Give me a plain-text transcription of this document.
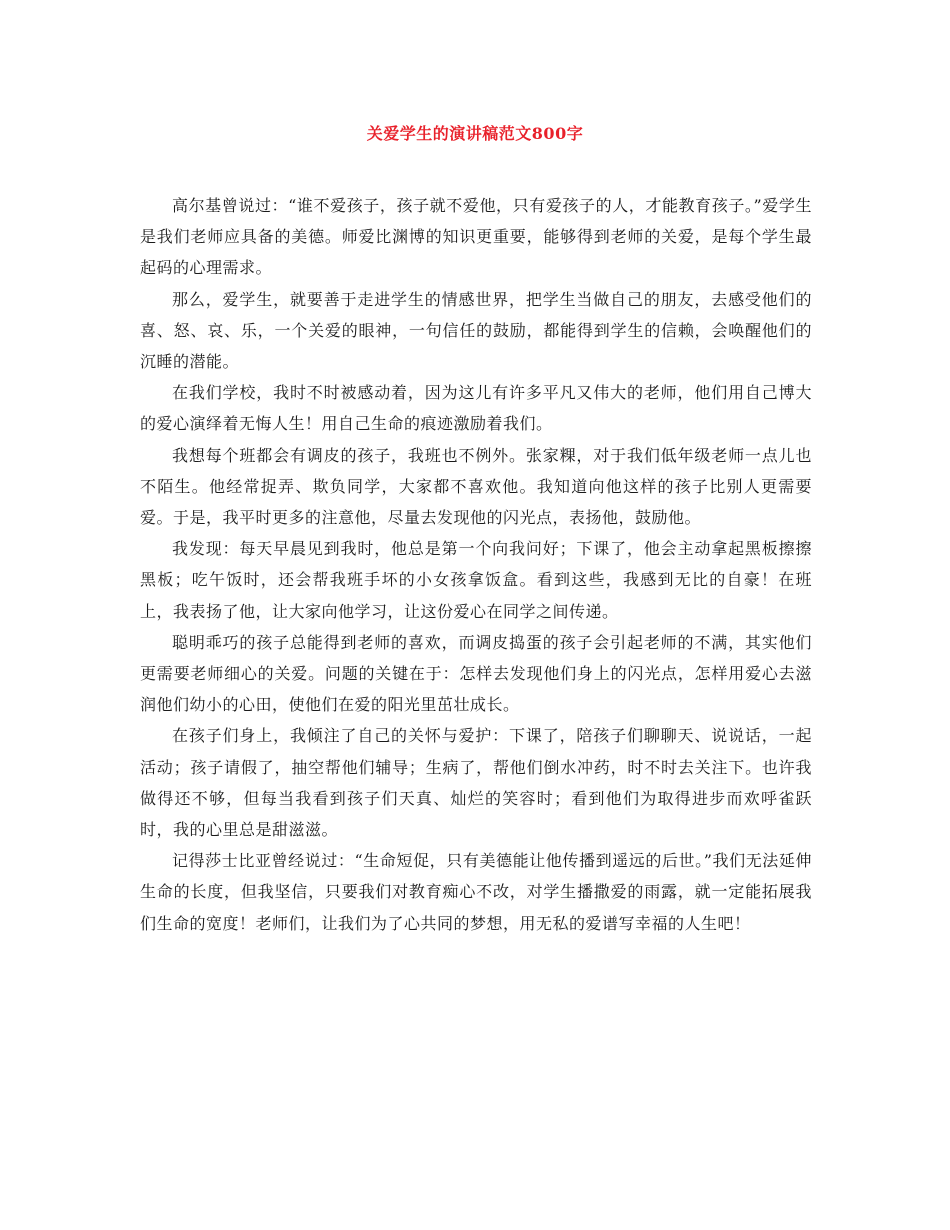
关爱学生的演讲稿范文800字

高尔基曾说过：“谁不爱孩子，孩子就不爱他，只有爱孩子的人，才能教育孩子。”爱学生是我们老师应具备的美德。师爱比渊博的知识更重要，能够得到老师的关爱，是每个学生最起码的心理需求。

那么，爱学生，就要善于走进学生的情感世界，把学生当做自己的朋友，去感受他们的喜、怒、哀、乐，一个关爱的眼神，一句信任的鼓励，都能得到学生的信赖，会唤醒他们的沉睡的潜能。

在我们学校，我时不时被感动着，因为这儿有许多平凡又伟大的老师，他们用自己博大的爱心演绎着无悔人生！用自己生命的痕迹激励着我们。

我想每个班都会有调皮的孩子，我班也不例外。张家粿，对于我们低年级老师一点儿也不陌生。他经常捉弄、欺负同学，大家都不喜欢他。我知道向他这样的孩子比别人更需要爱。于是，我平时更多的注意他，尽量去发现他的闪光点，表扬他，鼓励他。

我发现：每天早晨见到我时，他总是第一个向我问好；下课了，他会主动拿起黑板擦擦黑板；吃午饭时，还会帮我班手坏的小女孩拿饭盒。看到这些，我感到无比的自豪！在班上，我表扬了他，让大家向他学习，让这份爱心在同学之间传递。

聪明乖巧的孩子总能得到老师的喜欢，而调皮捣蛋的孩子会引起老师的不满，其实他们更需要老师细心的关爱。问题的关键在于：怎样去发现他们身上的闪光点，怎样用爱心去滋润他们幼小的心田，使他们在爱的阳光里茁壮成长。

在孩子们身上，我倾注了自己的关怀与爱护：下课了，陪孩子们聊聊天、说说话，一起活动；孩子请假了，抽空帮他们辅导；生病了，帮他们倒水冲药，时不时去关注下。也许我做得还不够，但每当我看到孩子们天真、灿烂的笑容时；看到他们为取得进步而欢呼雀跃时，我的心里总是甜滋滋。

记得莎士比亚曾经说过：“生命短促，只有美德能让他传播到遥远的后世。”我们无法延伸生命的长度，但我坚信，只要我们对教育痴心不改，对学生播撒爱的雨露，就一定能拓展我们生命的宽度！老师们，让我们为了心共同的梦想，用无私的爱谱写幸福的人生吧！
